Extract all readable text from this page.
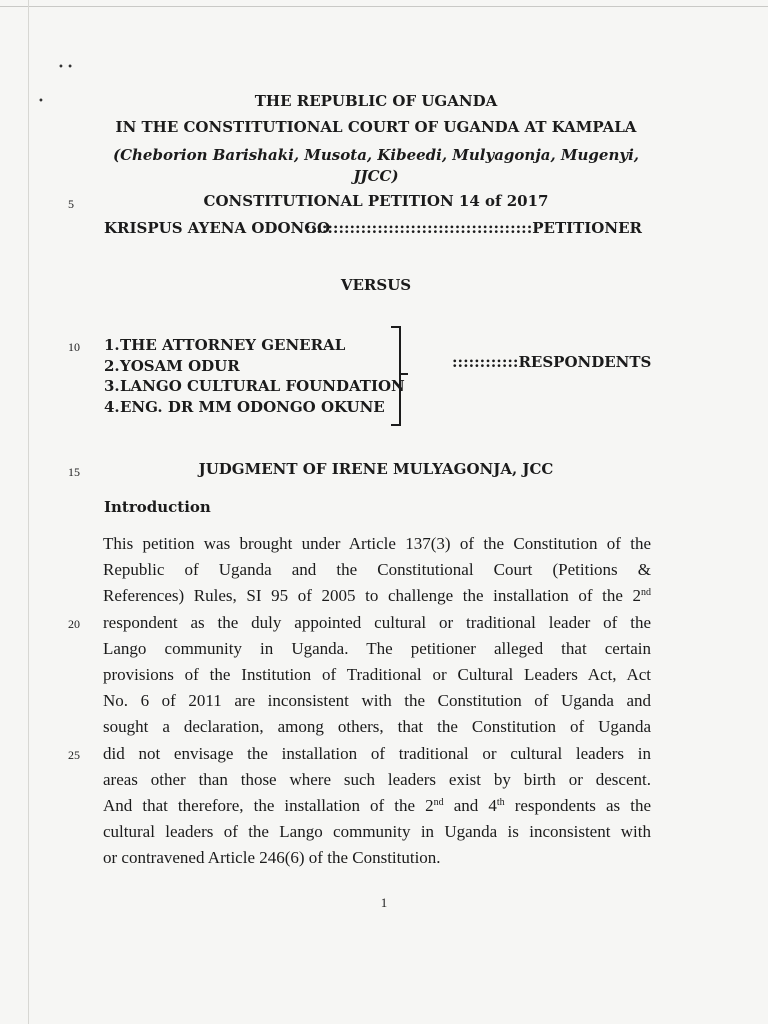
• •
•	THE REPUBLIC OF UGANDA
IN THE CONSTITUTIONAL COURT OF UGANDA AT KAMPALA
(Cheborion Barishaki, Musota, Kibeedi, Mulyagonja, Mugenyi,
JJCC)
CONSTITUTIONAL PETITION 14 of 2017
5
10
15
20
25
KRISPUS AYENA ODONGO
:::::::::::::::::::::::::::::::::::::::::PETITIONER
VERSUS
1.THE ATTORNEY GENERAL
2.YOSAM ODUR
3.LANGO CULTURAL FOUNDATION
4.ENG. DR MM ODONGO OKUNE
::::::::::::RESPONDENTS
JUDGMENT OF IRENE MULYAGONJA, JCC
Introduction
This petition was brought under Article 137(3) of the Constitution of the
Republic of Uganda and the Constitutional Court (Petitions &
References) Rules, SI 95 of 2005 to challenge the installation of the 2nd
respondent as the duly appointed cultural or traditional leader of the
Lango community in Uganda. The petitioner alleged that certain
provisions of the Institution of Traditional or Cultural Leaders Act, Act
No. 6 of 2011 are inconsistent with the Constitution of Uganda and
sought a declaration, among others, that the Constitution of Uganda
did not envisage the installation of traditional or cultural leaders in
areas other than those where such leaders exist by birth or descent.
And that therefore, the installation of the 2nd and 4th respondents as the
cultural leaders of the Lango community in Uganda is inconsistent with
or contravened Article 246(6) of the Constitution.
1
